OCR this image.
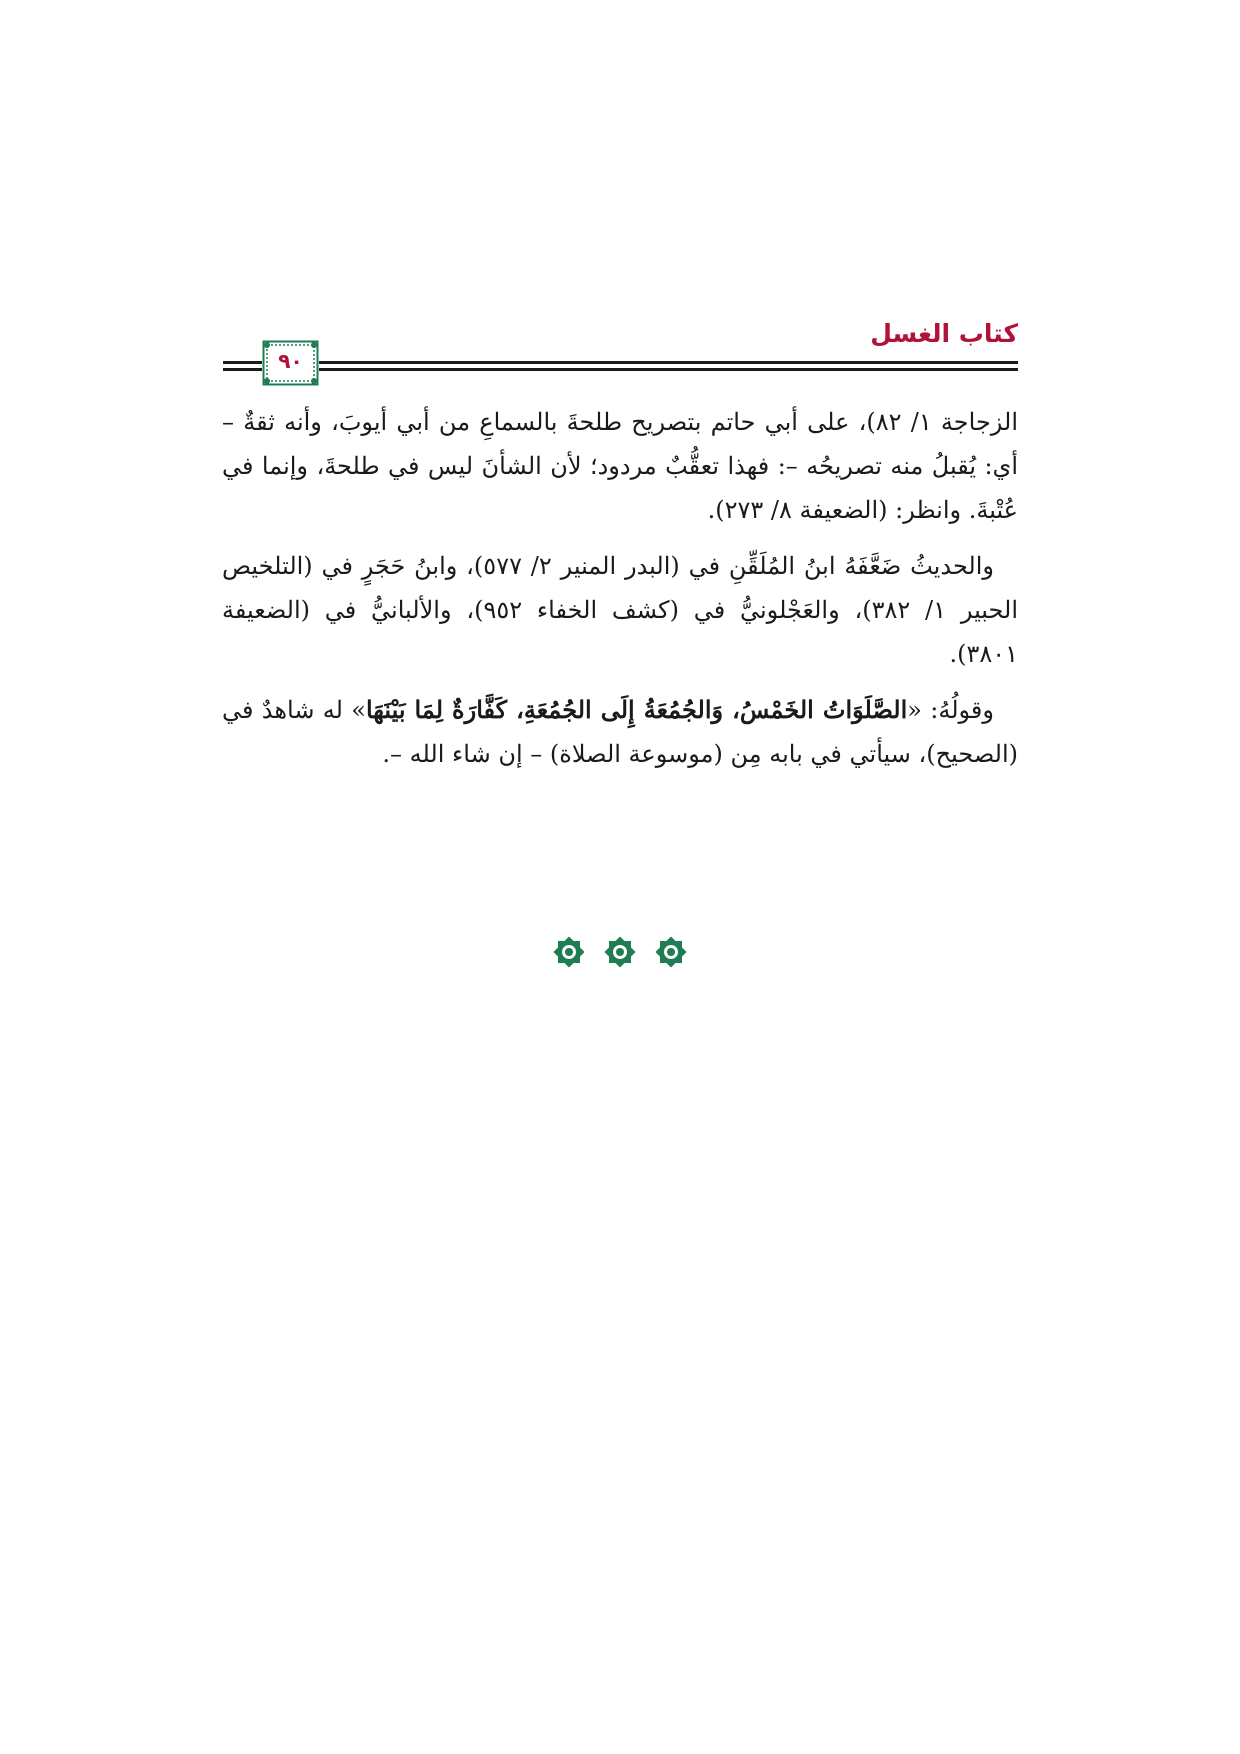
كتاب الغسل
٩٠

الزجاجة ١/ ٨٢)، على أبي حاتم بتصريح طلحةَ بالسماعِ من أبي أيوبَ، وأنه ثقةٌ – أي: يُقبلُ منه تصريحُه –: فهذا تعقُّبٌ مردود؛ لأن الشأنَ ليس في طلحةَ، وإنما في عُتْبةَ. وانظر: (الضعيفة ٨/ ٢٧٣).

والحديثُ ضَعَّفَهُ ابنُ المُلَقِّنِ في (البدر المنير ٢/ ٥٧٧)، وابنُ حَجَرٍ في (التلخيص الحبير ١/ ٣٨٢)، والعَجْلونيُّ في (كشف الخفاء ٩٥٢)، والألبانيُّ في (الضعيفة ٣٨٠١).

وقولُهُ: «الصَّلَوَاتُ الخَمْسُ، وَالجُمُعَةُ إِلَى الجُمُعَةِ، كَفَّارَةٌ لِمَا بَيْنَهَا» له شاهدٌ في (الصحيح)، سيأتي في بابه مِن (موسوعة الصلاة) – إن شاء الله –.
